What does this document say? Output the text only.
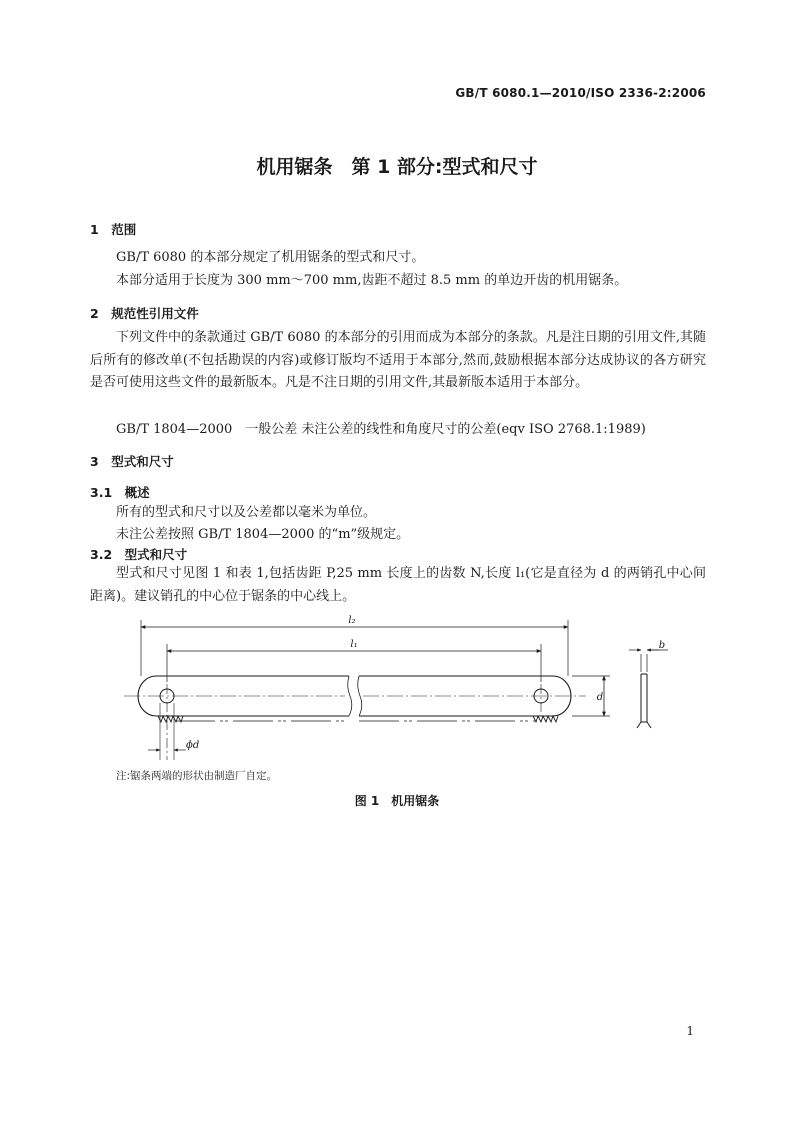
GB/T 6080.1—2010/ISO 2336-2:2006
机用锯条　第 1 部分:型式和尺寸
1　范围
GB/T 6080 的本部分规定了机用锯条的型式和尺寸。
本部分适用于长度为 300 mm～700 mm,齿距不超过 8.5 mm 的单边开齿的机用锯条。
2　规范性引用文件
下列文件中的条款通过 GB/T 6080 的本部分的引用而成为本部分的条款。凡是注日期的引用文件,其随后所有的修改单(不包括勘误的内容)或修订版均不适用于本部分,然而,鼓励根据本部分达成协议的各方研究是否可使用这些文件的最新版本。凡是不注日期的引用文件,其最新版本适用于本部分。
GB/T 1804—2000　一般公差 未注公差的线性和角度尺寸的公差(eqv ISO 2768.1:1989)
3　型式和尺寸
3.1　概述
所有的型式和尺寸以及公差都以毫米为单位。
未注公差按照 GB/T 1804—2000 的“m”级规定。
3.2　型式和尺寸
型式和尺寸见图 1 和表 1,包括齿距 P,25 mm 长度上的齿数 N,长度 l₁(它是直径为 d 的两销孔中心间距离)。建议销孔的中心位于锯条的中心线上。
l₂
l₁
d
b
ϕd
注:锯条两端的形状由制造厂自定。
图 1　机用锯条
1
